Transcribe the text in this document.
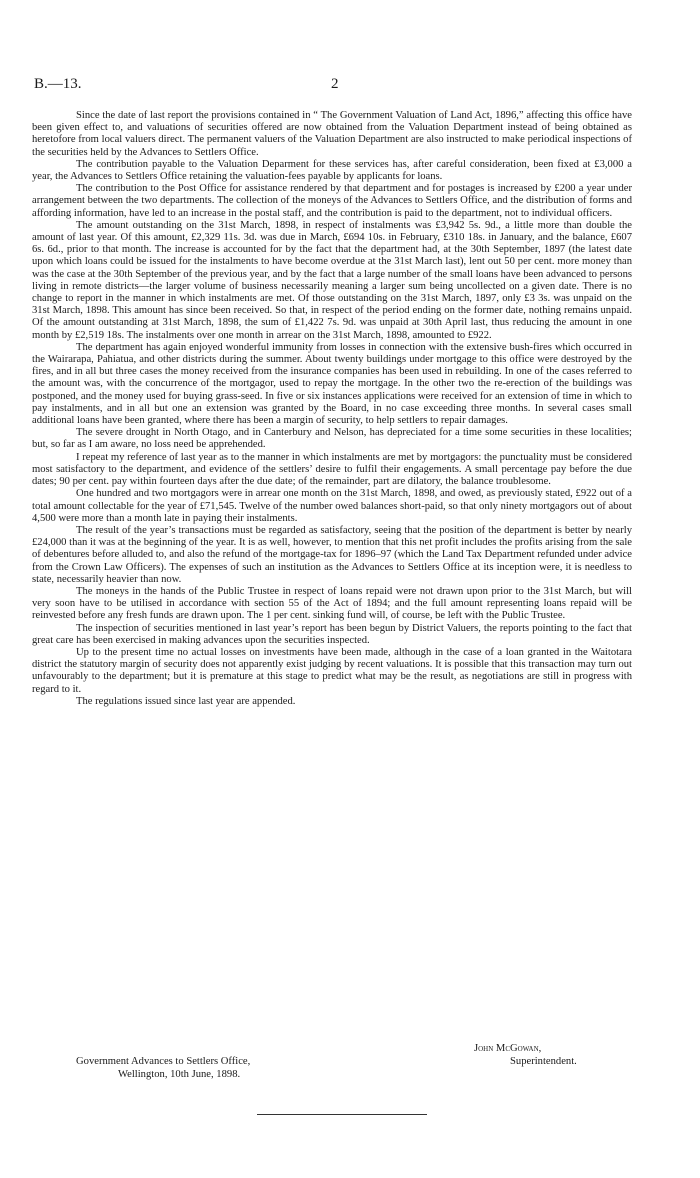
B.—13.	2

Since the date of last report the provisions contained in “ The Government Valuation of Land Act, 1896,” affecting this office have been given effect to, and valuations of securities offered are now obtained from the Valuation Department instead of being obtained as heretofore from local valuers direct. The permanent valuers of the Valuation Department are also instructed to make periodical inspections of the securities held by the Advances to Settlers Office.

The contribution payable to the Valuation Deparment for these services has, after careful consideration, been fixed at £3,000 a year, the Advances to Settlers Office retaining the valuation-fees payable by applicants for loans.

The contribution to the Post Office for assistance rendered by that department and for postages is increased by £200 a year under arrangement between the two departments. The collection of the moneys of the Advances to Settlers Office, and the distribution of forms and affording information, have led to an increase in the postal staff, and the contribution is paid to the department, not to individual officers.

The amount outstanding on the 31st March, 1898, in respect of instalments was £3,942 5s. 9d., a little more than double the amount of last year. Of this amount, £2,329 11s. 3d. was due in March, £694 10s. in February, £310 18s. in January, and the balance, £607 6s. 6d., prior to that month. The increase is accounted for by the fact that the department had, at the 30th September, 1897 (the latest date upon which loans could be issued for the instalments to have become overdue at the 31st March last), lent out 50 per cent. more money than was the case at the 30th September of the previous year, and by the fact that a large number of the small loans have been advanced to persons living in remote districts—the larger volume of business necessarily meaning a larger sum being uncollected on a given date. There is no change to report in the manner in which instalments are met. Of those outstanding on the 31st March, 1897, only £3 3s. was unpaid on the 31st March, 1898. This amount has since been received. So that, in respect of the period ending on the former date, nothing remains unpaid. Of the amount outstanding at 31st March, 1898, the sum of £1,422 7s. 9d. was unpaid at 30th April last, thus reducing the amount in one month by £2,519 18s. The instalments over one month in arrear on the 31st March, 1898, amounted to £922.

The department has again enjoyed wonderful immunity from losses in connection with the extensive bush-fires which occurred in the Wairarapa, Pahiatua, and other districts during the summer. About twenty buildings under mortgage to this office were destroyed by the fires, and in all but three cases the money received from the insurance companies has been used in rebuilding. In one of the cases referred to the amount was, with the concurrence of the mortgagor, used to repay the mortgage. In the other two the re-erection of the buildings was postponed, and the money used for buying grass-seed. In five or six instances applications were received for an extension of time in which to pay instalments, and in all but one an extension was granted by the Board, in no case exceeding three months. In several cases small additional loans have been granted, where there has been a margin of security, to help settlers to repair damages.

The severe drought in North Otago, and in Canterbury and Nelson, has depreciated for a time some securities in these localities; but, so far as I am aware, no loss need be apprehended.

I repeat my reference of last year as to the manner in which instalments are met by mortgagors: the punctuality must be considered most satisfactory to the department, and evidence of the settlers’ desire to fulfil their engagements. A small percentage pay before the due dates; 90 per cent. pay within fourteen days after the due date; of the remainder, part are dilatory, the balance troublesome.

One hundred and two mortgagors were in arrear one month on the 31st March, 1898, and owed, as previously stated, £922 out of a total amount collectable for the year of £71,545. Twelve of the number owed balances short-paid, so that only ninety mortgagors out of about 4,500 were more than a month late in paying their instalments.

The result of the year’s transactions must be regarded as satisfactory, seeing that the position of the department is better by nearly £24,000 than it was at the beginning of the year. It is as well, however, to mention that this net profit includes the profits arising from the sale of debentures before alluded to, and also the refund of the mortgage-tax for 1896–97 (which the Land Tax Department refunded under advice from the Crown Law Officers). The expenses of such an institution as the Advances to Settlers Office at its inception were, it is needless to state, necessarily heavier than now.

The moneys in the hands of the Public Trustee in respect of loans repaid were not drawn upon prior to the 31st March, but will very soon have to be utilised in accordance with section 55 of the Act of 1894; and the full amount representing loans repaid will be reinvested before any fresh funds are drawn upon. The 1 per cent. sinking fund will, of course, be left with the Public Trustee.

The inspection of securities mentioned in last year’s report has been begun by District Valuers, the reports pointing to the fact that great care has been exercised in making advances upon the securities inspected.

Up to the present time no actual losses on investments have been made, although in the case of a loan granted in the Waitotara district the statutory margin of security does not apparently exist judging by recent valuations. It is possible that this transaction may turn out unfavourably to the department; but it is premature at this stage to predict what may be the result, as negotiations are still in progress with regard to it.

The regulations issued since last year are appended.

John McGowan,
Superintendent.
Government Advances to Settlers Office,
Wellington, 10th June, 1898.
